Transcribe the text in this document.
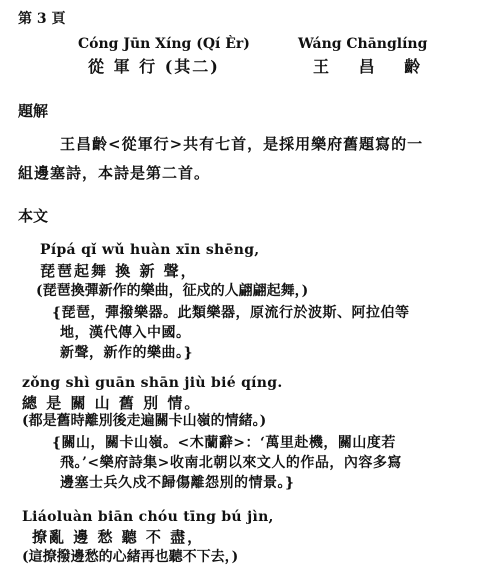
第 3 頁
Cóng Jūn Xíng (Qí Èr)
從 軍 行 (其二)
Wáng Chānglíng
王 昌 齡
題解
王昌齡<從軍行>共有七首，是採用樂府舊題寫的一
組邊塞詩，本詩是第二首。
本文
Pípá qǐ wǔ huàn xīn shēng,
琵琶起舞 換 新 聲，
(琵琶換彈新作的樂曲，征戍的人翩翩起舞，)
{琵琶，彈撥樂器。此類樂器，原流行於波斯、阿拉伯等
地，漢代傳入中國。
新聲，新作的樂曲。}
zǒng shì guān shān jiù bié qíng.
總 是 關 山 舊 別 情。
(都是舊時離別後走遍關卡山嶺的情緒。)
{關山，關卡山嶺。<木蘭辭>：‘萬里赴機，關山度若
飛。’<樂府詩集>收南北朝以來文人的作品，內容多寫
邊塞士兵久戍不歸傷離怨別的情景。}
Liáoluàn biān chóu tīng bú jìn,
撩亂 邊 愁 聽 不 盡，
(這撩撥邊愁的心緒再也聽不下去，)
